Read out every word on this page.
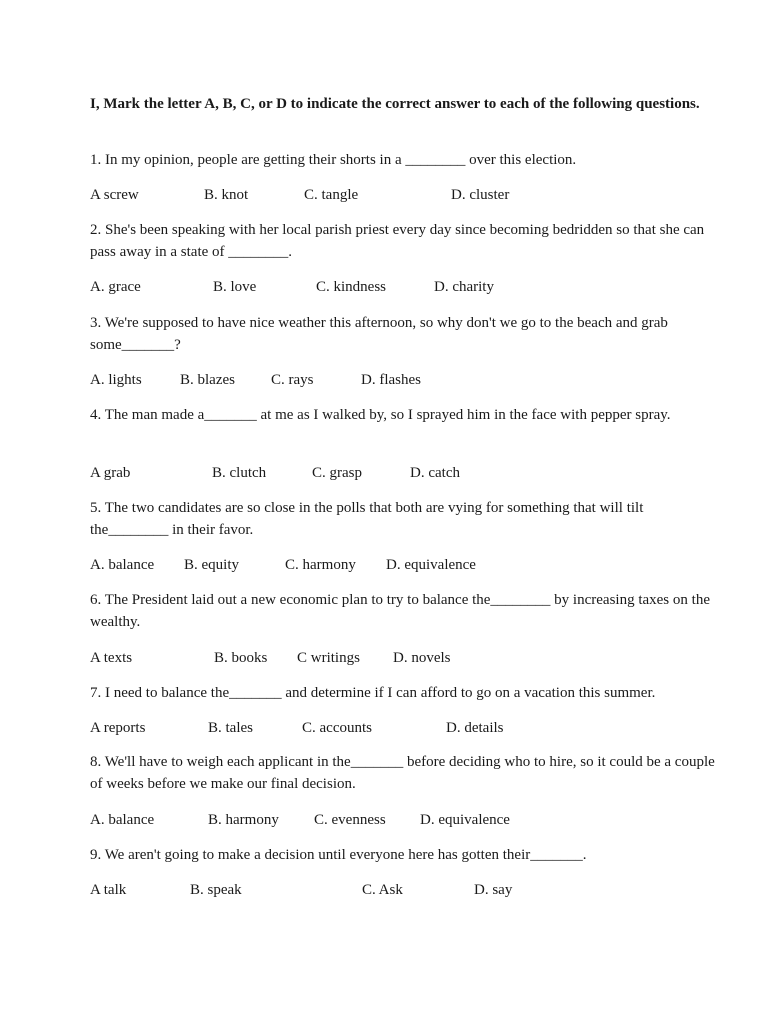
I, Mark the letter A, B, C, or D to indicate the correct answer to each of the following questions.

1. In my opinion, people are getting their shorts in a ________ over this election.

A screw	B. knot	C. tangle	D. cluster

2. She's been speaking with her local parish priest every day since becoming bedridden so that she can pass away in a state of ________.

A. grace	B. love	C. kindness	D. charity

3. We're supposed to have nice weather this afternoon, so why don't we go to the beach and grab some_______?

A. lights	B. blazes C. rays	D. flashes

4. The man made a_______ at me as I walked by, so I sprayed him in the face with pepper spray.

A grab	B. clutch	C. grasp	D. catch

5. The two candidates are so close in the polls that both are vying for something that will tilt the________ in their favor.

A. balance B. equity	C. harmony D. equivalence

6. The President laid out a new economic plan to try to balance the________ by increasing taxes on the wealthy.

A texts	B. books C writings D. novels

7. I need to balance the_______ and determine if I can afford to go on a vacation this summer.

A reports	B. tales	C. accounts	D. details

8. We'll have to weigh each applicant in the_______ before deciding who to hire, so it could be a couple of weeks before we make our final decision.

A. balance	B. harmony C. evenness D. equivalence

9. We aren't going to make a decision until everyone here has gotten their_______.

A talk	B. speak	C. Ask	D. say
